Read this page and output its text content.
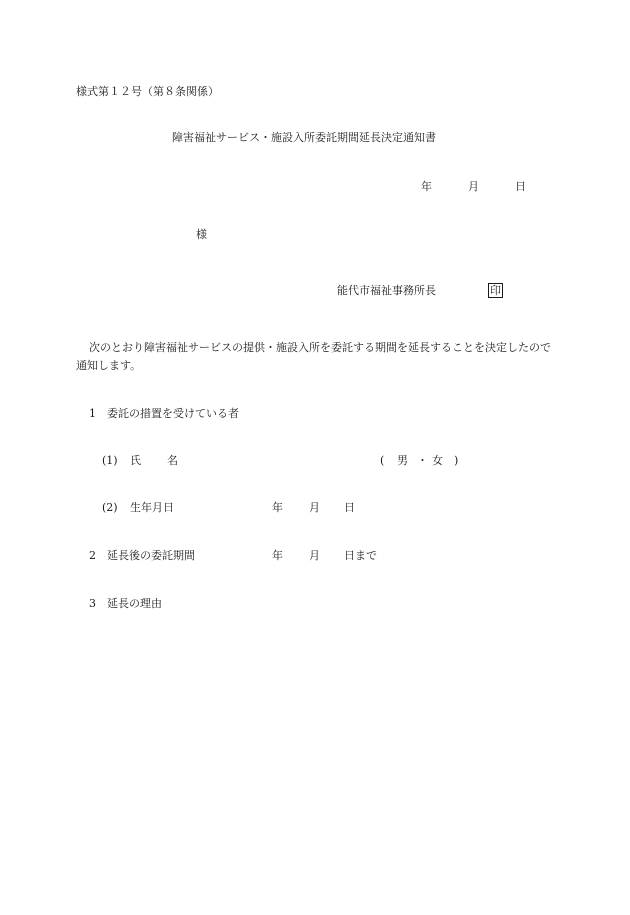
様式第１２号（第８条関係）
障害福祉サービス・施設入所委託期間延長決定通知書
年	月	日
様
能代市福祉事務所長	印
次のとおり障害福祉サービスの提供・施設入所を委託する期間を延長することを決定したので通知します。
1 委託の措置を受けている者
(1) 氏 名	( 男 ・ 女 )
(2) 生年月日	年 月 日
2 延長後の委託期間	年 月 日まで
3 延長の理由
